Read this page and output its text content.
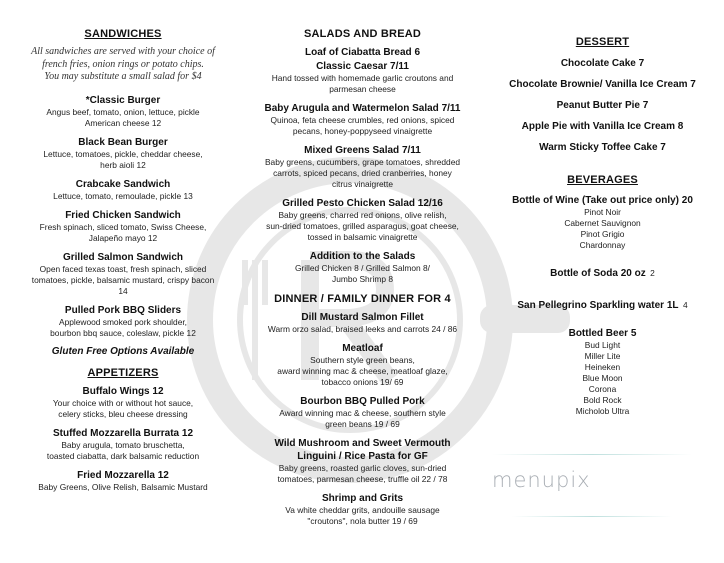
SANDWICHES
All sandwiches are served with your choice of
french fries, onion rings or potato chips.
You may substitute a small salad for $4
*Classic Burger
Angus beef, tomato, onion, lettuce, pickle
American cheese 12
Black Bean Burger
Lettuce, tomatoes, pickle, cheddar cheese,
herb aioli 12
Crabcake Sandwich
Lettuce, tomato, remoulade, pickle 13
Fried Chicken Sandwich
Fresh spinach, sliced tomato, Swiss Cheese,
Jalapeño mayo 12
Grilled Salmon Sandwich
Open faced texas toast, fresh spinach, sliced
tomatoes, pickle, balsamic mustard, crispy bacon
14
Pulled Pork BBQ Sliders
Applewood smoked pork shoulder,
bourbon bbq sauce, coleslaw, pickle 12
Gluten Free Options Available
APPETIZERS
Buffalo Wings 12
Your choice with or without hot sauce,
celery sticks, bleu cheese dressing
Stuffed Mozzarella Burrata 12
Baby arugula, tomato bruschetta,
toasted ciabatta, dark balsamic reduction
Fried Mozzarella 12
Baby Greens, Olive Relish, Balsamic Mustard
SALADS AND BREAD
Loaf of Ciabatta Bread 6
Classic Caesar 7/11
Hand tossed with homemade garlic croutons and
parmesan cheese
Baby Arugula and Watermelon Salad 7/11
Quinoa, feta cheese crumbles, red onions, spiced
pecans, honey-poppyseed vinaigrette
Mixed Greens Salad 7/11
Baby greens, cucumbers, grape tomatoes, shredded
carrots, spiced pecans, dried cranberries, honey
citrus vinaigrette
Grilled Pesto Chicken Salad 12/16
Baby greens, charred red onions, olive relish,
sun-dried tomatoes, grilled asparagus, goat cheese,
tossed in balsamic vinaigrette
Addition to the Salads
Grilled Chicken 8 / Grilled Salmon 8/
Jumbo Shrimp 8
DINNER / FAMILY DINNER FOR 4
Dill Mustard Salmon Fillet
Warm orzo salad, braised leeks and carrots 24 / 86
Meatloaf
Southern style green beans,
award winning mac & cheese, meatloaf glaze,
tobacco onions 19/ 69
Bourbon BBQ Pulled Pork
Award winning mac & cheese, southern style
green beans 19 / 69
Wild Mushroom and Sweet Vermouth
Linguini / Rice Pasta for GF
Baby greens, roasted garlic cloves, sun-dried
tomatoes, parmesan cheese, truffle oil 22 / 78
Shrimp and Grits
Va white cheddar grits, andouille sausage
"croutons", nola butter 19 / 69
DESSERT
Chocolate Cake 7
Chocolate Brownie/ Vanilla Ice Cream 7
Peanut Butter Pie 7
Apple Pie with Vanilla Ice Cream 8
Warm Sticky Toffee Cake 7
BEVERAGES
Bottle of Wine (Take out price only) 20
Pinot Noir
Cabernet Sauvignon
Pinot Grigio
Chardonnay
Bottle of Soda 20 oz 2
San Pellegrino Sparkling water 1L 4
Bottled Beer 5
Bud Light
Miller Lite
Heineken
Blue Moon
Corona
Bold Rock
Micholob Ultra
menupix
